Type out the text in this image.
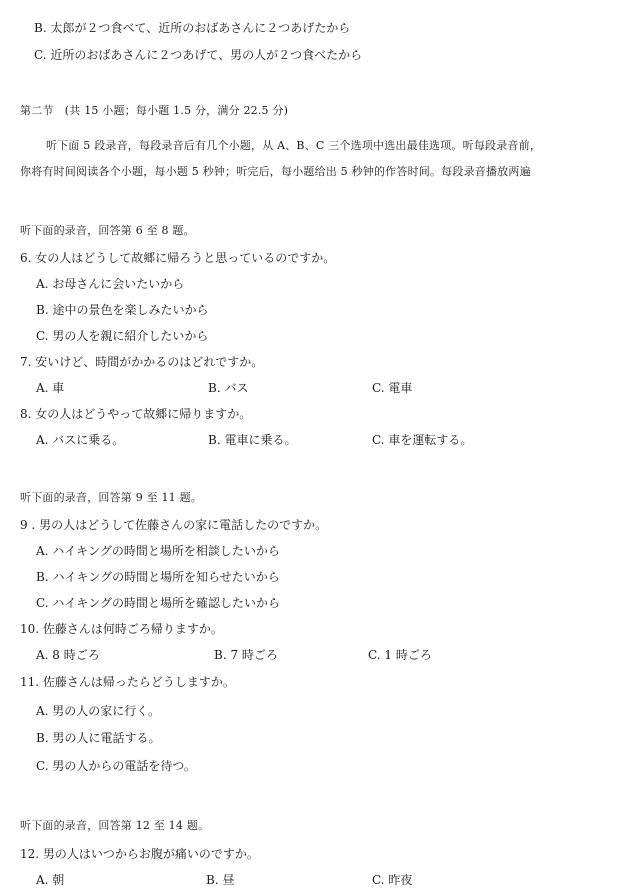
B. 太郎が２つ食べて、近所のおばあさんに２つあげたから
C. 近所のおばあさんに２つあげて、男の人が２つ食べたから
第二节　(共 15 小题；每小题 1.5 分，满分 22.5 分)
听下面 5 段录音，每段录音后有几个小题，从 A、B、C 三个选项中选出最佳选项。听每段录音前，
你将有时间阅读各个小题，每小题 5 秒钟；听完后，每小题给出 5 秒钟的作答时间。每段录音播放两遍
听下面的录音，回答第 6 至 8 题。
6. 女の人はどうして故郷に帰ろうと思っているのですか。
A. お母さんに会いたいから
B. 途中の景色を楽しみたいから
C. 男の人を親に紹介したいから
7. 安いけど、時間がかかるのはどれですか。
A. 車	B. バス	C. 電車
8. 女の人はどうやって故郷に帰りますか。
A. バスに乗る。	B. 電車に乗る。	C. 車を運転する。
听下面的录音，回答第 9 至 11 题。
9 . 男の人はどうして佐藤さんの家に電話したのですか。
A. ハイキングの時間と場所を相談したいから
B. ハイキングの時間と場所を知らせたいから
C. ハイキングの時間と場所を確認したいから
10. 佐藤さんは何時ごろ帰りますか。
A. 8 時ごろ	B. 7 時ごろ	C. 1 時ごろ
11. 佐藤さんは帰ったらどうしますか。
A. 男の人の家に行く。
B. 男の人に電話する。
C. 男の人からの電話を待つ。
听下面的录音，回答第 12 至 14 题。
12. 男の人はいつからお腹が痛いのですか。
A. 朝	B. 昼	C. 昨夜
